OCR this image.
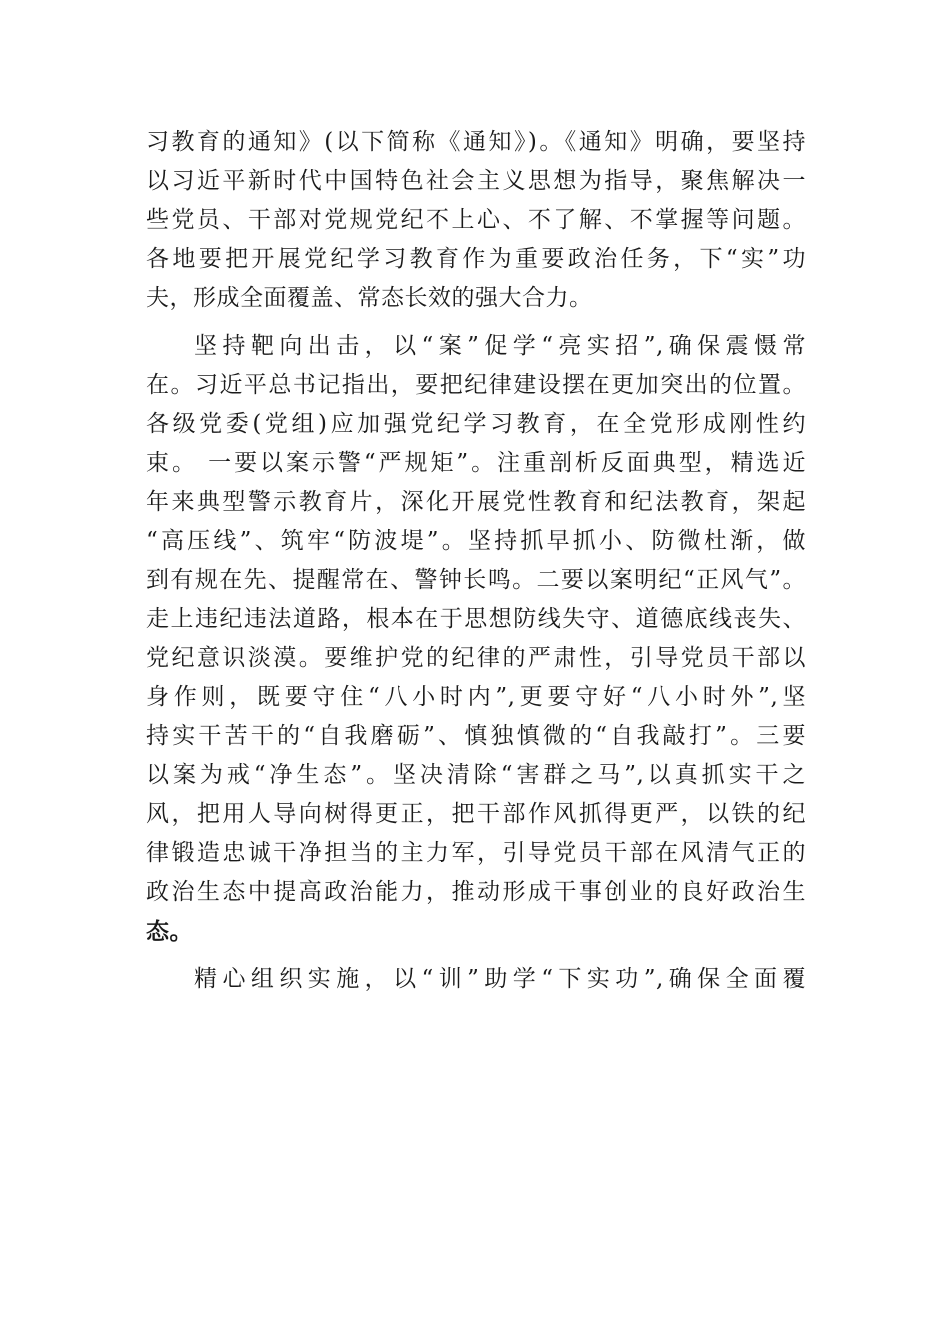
习教育的通知》(以下简称《通知》)。《通知》明确，要坚持
以习近平新时代中国特色社会主义思想为指导，聚焦解决一
些党员、干部对党规党纪不上心、不了解、不掌握等问题。
各地要把开展党纪学习教育作为重要政治任务，下“实”功
夫，形成全面覆盖、常态长效的强大合力。
坚持靶向出击，以“案”促学“亮实招”,确保震慑常
在。习近平总书记指出，要把纪律建设摆在更加突出的位置。
各级党委(党组)应加强党纪学习教育，在全党形成刚性约
束。 一要以案示警“严规矩”。注重剖析反面典型，精选近
年来典型警示教育片，深化开展党性教育和纪法教育，架起
“高压线”、筑牢“防波堤”。坚持抓早抓小、防微杜渐，做
到有规在先、提醒常在、警钟长鸣。二要以案明纪“正风气”。
走上违纪违法道路，根本在于思想防线失守、道德底线丧失、
党纪意识淡漠。要维护党的纪律的严肃性，引导党员干部以
身作则，既要守住“八小时内”,更要守好“八小时外”,坚
持实干苦干的“自我磨砺”、慎独慎微的“自我敲打”。三要
以案为戒“净生态”。坚决清除“害群之马”,以真抓实干之
风，把用人导向树得更正，把干部作风抓得更严，以铁的纪
律锻造忠诚干净担当的主力军，引导党员干部在风清气正的
政治生态中提高政治能力，推动形成干事创业的良好政治生
态。
精心组织实施，以“训”助学“下实功”,确保全面覆
